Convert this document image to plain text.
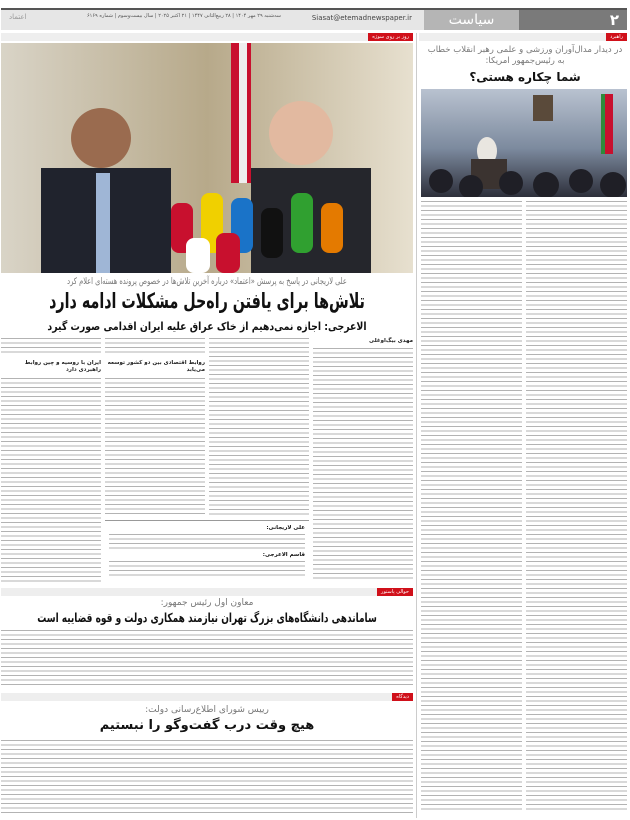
۲
سیاست
Siasat@etemadnewspaper.ir
سه‌شنبه ۲۹ مهر ۱۴۰۴ | ۲۸ ربیع‌الثانی ۱۴۴۷ | ۲۱ اکتبر ۲۰۲۵ | سال بیست‌وسوم | شماره ۶۱۶۹
اعتماد
راهبرد
روز بر روی سوژه
در دیدار مدال‌آوران ورزشی و علمی رهبر انقلاب خطاب به رئیس‌جمهور امریکا:
شما چکاره هستی؟
علی لاریجانی در پاسخ به پرسش «اعتماد» درباره آخرین تلاش‌ها در خصوص پرونده هسته‌ای اعلام کرد
تلاش‌ها برای یافتن راه‌حل مشکلات ادامه دارد
الاعرجی: اجازه نمی‌دهیم از خاک عراق علیه ایران اقدامی صورت گیرد
مهدی بیگ‌اوغلی
روابط اقتصادی بین دو کشور توسعه می‌یابد
ایران با روسیه و چین روابط راهبردی دارد
علی لاریجانی:
قاسم الاعرجی:
حوالی پاستور
معاون اول رئیس جمهور:
ساماندهی دانشگاه‌های بزرگ تهران نیازمند همکاری دولت و قوه قضاییه است
دیدگاه
رییس شورای اطلاع‌رسانی دولت:
هیچ وقت درب گفت‌وگو را نبستیم
